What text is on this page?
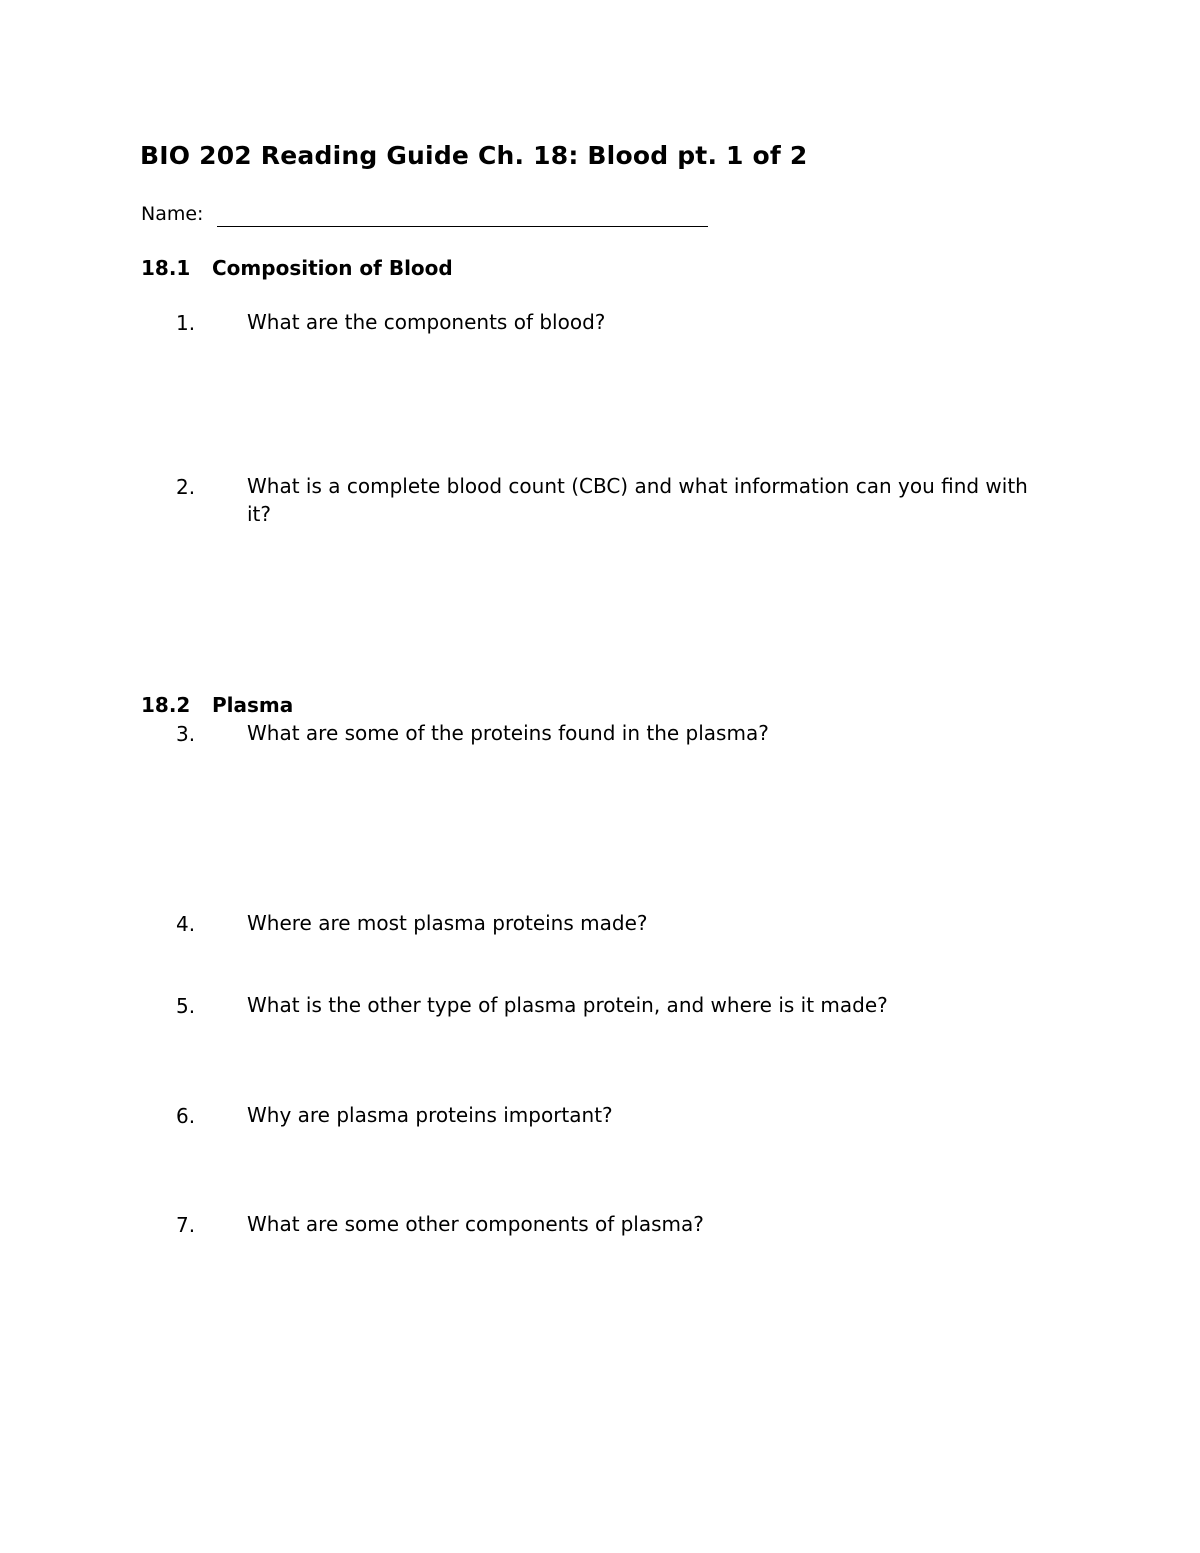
BIO 202 Reading Guide Ch. 18: Blood pt. 1 of 2
Name:
18.1 Composition of Blood
1.	What are the components of blood?
2.	What is a complete blood count (CBC) and what information can you find with it?
18.2 Plasma
3.	What are some of the proteins found in the plasma?
4.	Where are most plasma proteins made?
5.	What is the other type of plasma protein, and where is it made?
6.	Why are plasma proteins important?
7.	What are some other components of plasma?
